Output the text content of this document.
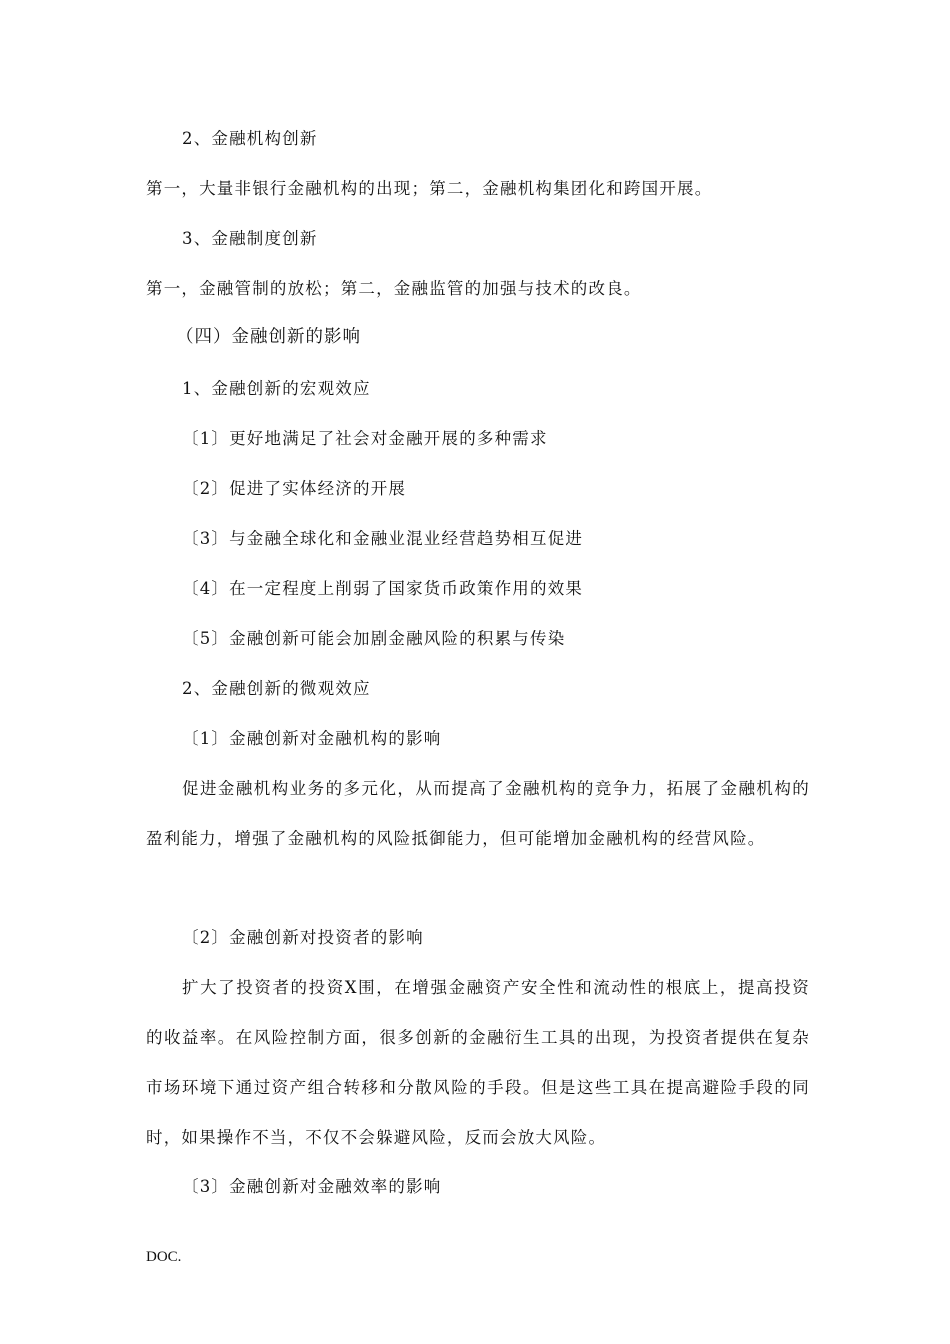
2、金融机构创新
第一，大量非银行金融机构的出现；第二，金融机构集团化和跨国开展。
3、金融制度创新
第一，金融管制的放松；第二，金融监管的加强与技术的改良。
（四）金融创新的影响
1、金融创新的宏观效应
〔1〕更好地满足了社会对金融开展的多种需求
〔2〕促进了实体经济的开展
〔3〕与金融全球化和金融业混业经营趋势相互促进
〔4〕在一定程度上削弱了国家货币政策作用的效果
〔5〕金融创新可能会加剧金融风险的积累与传染
2、金融创新的微观效应
〔1〕金融创新对金融机构的影响
促进金融机构业务的多元化，从而提高了金融机构的竞争力，拓展了金融机构的盈利能力，增强了金融机构的风险抵御能力，但可能增加金融机构的经营风险。
〔2〕金融创新对投资者的影响
扩大了投资者的投资X围，在增强金融资产安全性和流动性的根底上，提高投资的收益率。在风险控制方面，很多创新的金融衍生工具的出现，为投资者提供在复杂市场环境下通过资产组合转移和分散风险的手段。但是这些工具在提高避险手段的同时，如果操作不当，不仅不会躲避风险，反而会放大风险。
〔3〕金融创新对金融效率的影响
DOC.
